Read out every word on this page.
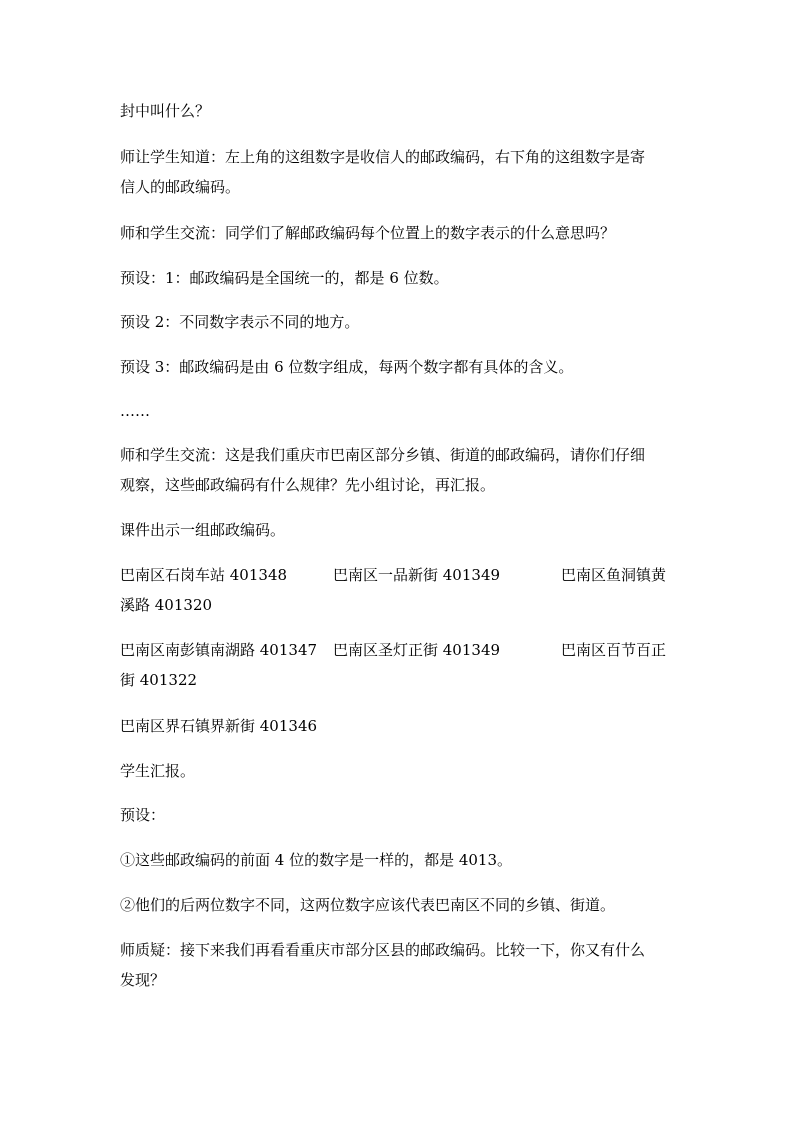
封中叫什么？
师让学生知道：左上角的这组数字是收信人的邮政编码，右下角的这组数字是寄
信人的邮政编码。
师和学生交流：同学们了解邮政编码每个位置上的数字表示的什么意思吗？
预设：1：邮政编码是全国统一的，都是 6 位数。
预设 2：不同数字表示不同的地方。
预设 3：邮政编码是由 6 位数字组成，每两个数字都有具体的含义。
……
师和学生交流：这是我们重庆市巴南区部分乡镇、街道的邮政编码，请你们仔细
观察，这些邮政编码有什么规律？先小组讨论，再汇报。
课件出示一组邮政编码。
巴南区石岗车站 401348	巴南区一品新街 401349	巴南区鱼洞镇黄
溪路 401320
巴南区南彭镇南湖路 401347 巴南区圣灯正街 401349	巴南区百节百正
街 401322
巴南区界石镇界新街 401346
学生汇报。
预设：
①这些邮政编码的前面 4 位的数字是一样的，都是 4013。
②他们的后两位数字不同，这两位数字应该代表巴南区不同的乡镇、街道。
师质疑：接下来我们再看看重庆市部分区县的邮政编码。比较一下，你又有什么
发现？
